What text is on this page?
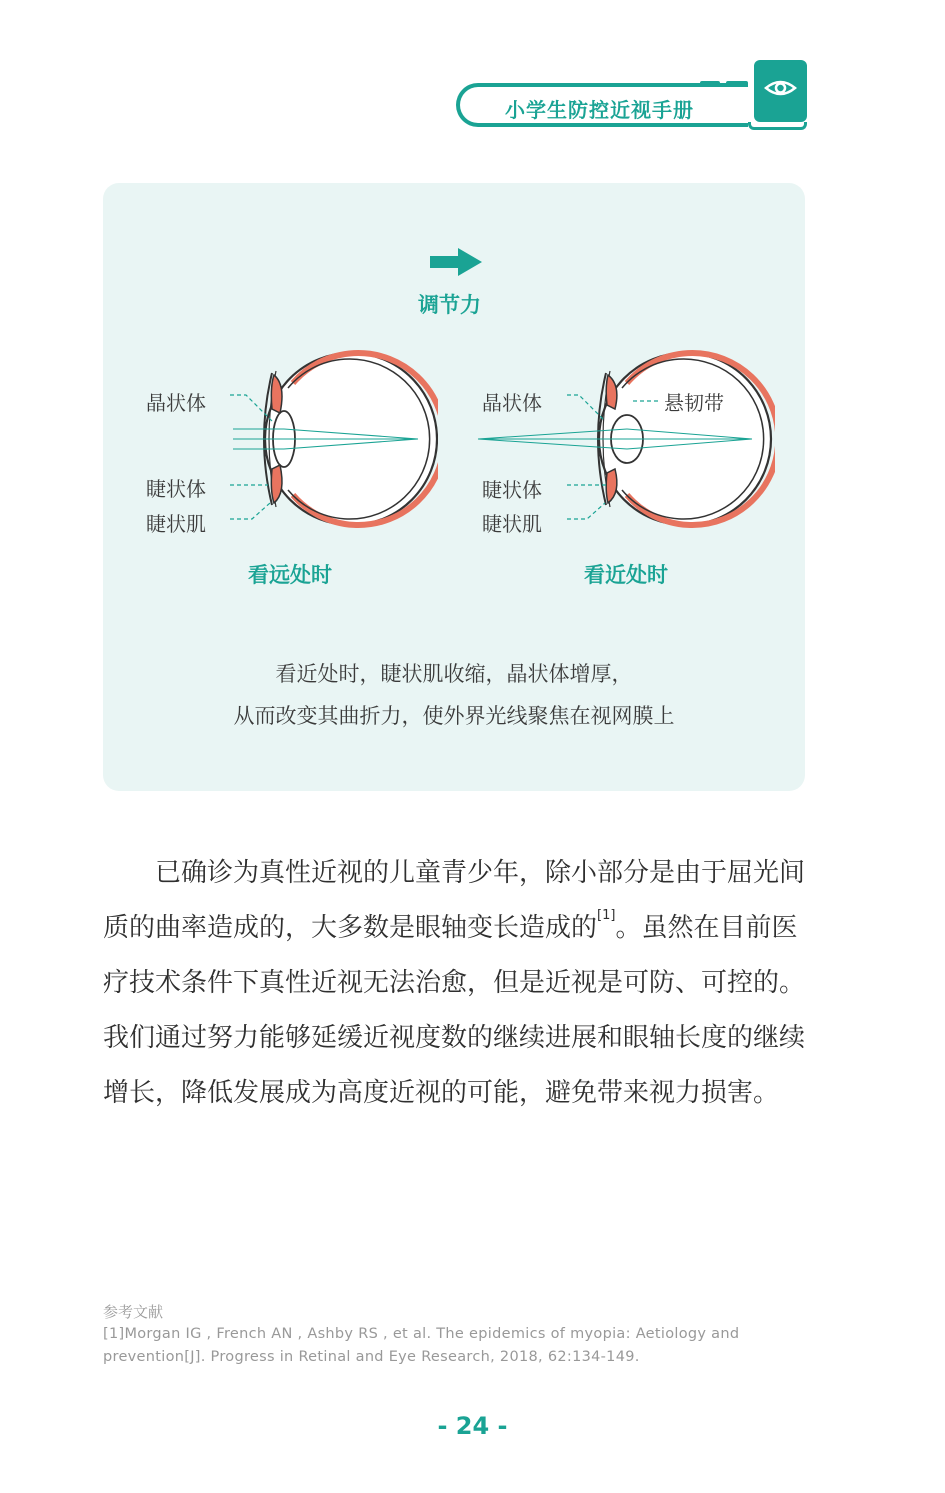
小学生防控近视手册
调节力
晶状体
睫状体
睫状肌
看远处时
晶状体	悬韧带
睫状体
睫状肌
看近处时
看近处时，睫状肌收缩，晶状体增厚，
从而改变其曲折力，使外界光线聚焦在视网膜上

已确诊为真性近视的儿童青少年，除小部分是由于屈光间质的曲率造成的，大多数是眼轴变长造成的[1]。虽然在目前医疗技术条件下真性近视无法治愈，但是近视是可防、可控的。我们通过努力能够延缓近视度数的继续进展和眼轴长度的继续增长，降低发展成为高度近视的可能，避免带来视力损害。

参考文献

[1]Morgan IG , French AN , Ashby RS , et al. The epidemics of myopia: Aetiology and prevention[J]. Progress in Retinal and Eye Research, 2018, 62:134-149.

- 24 -
